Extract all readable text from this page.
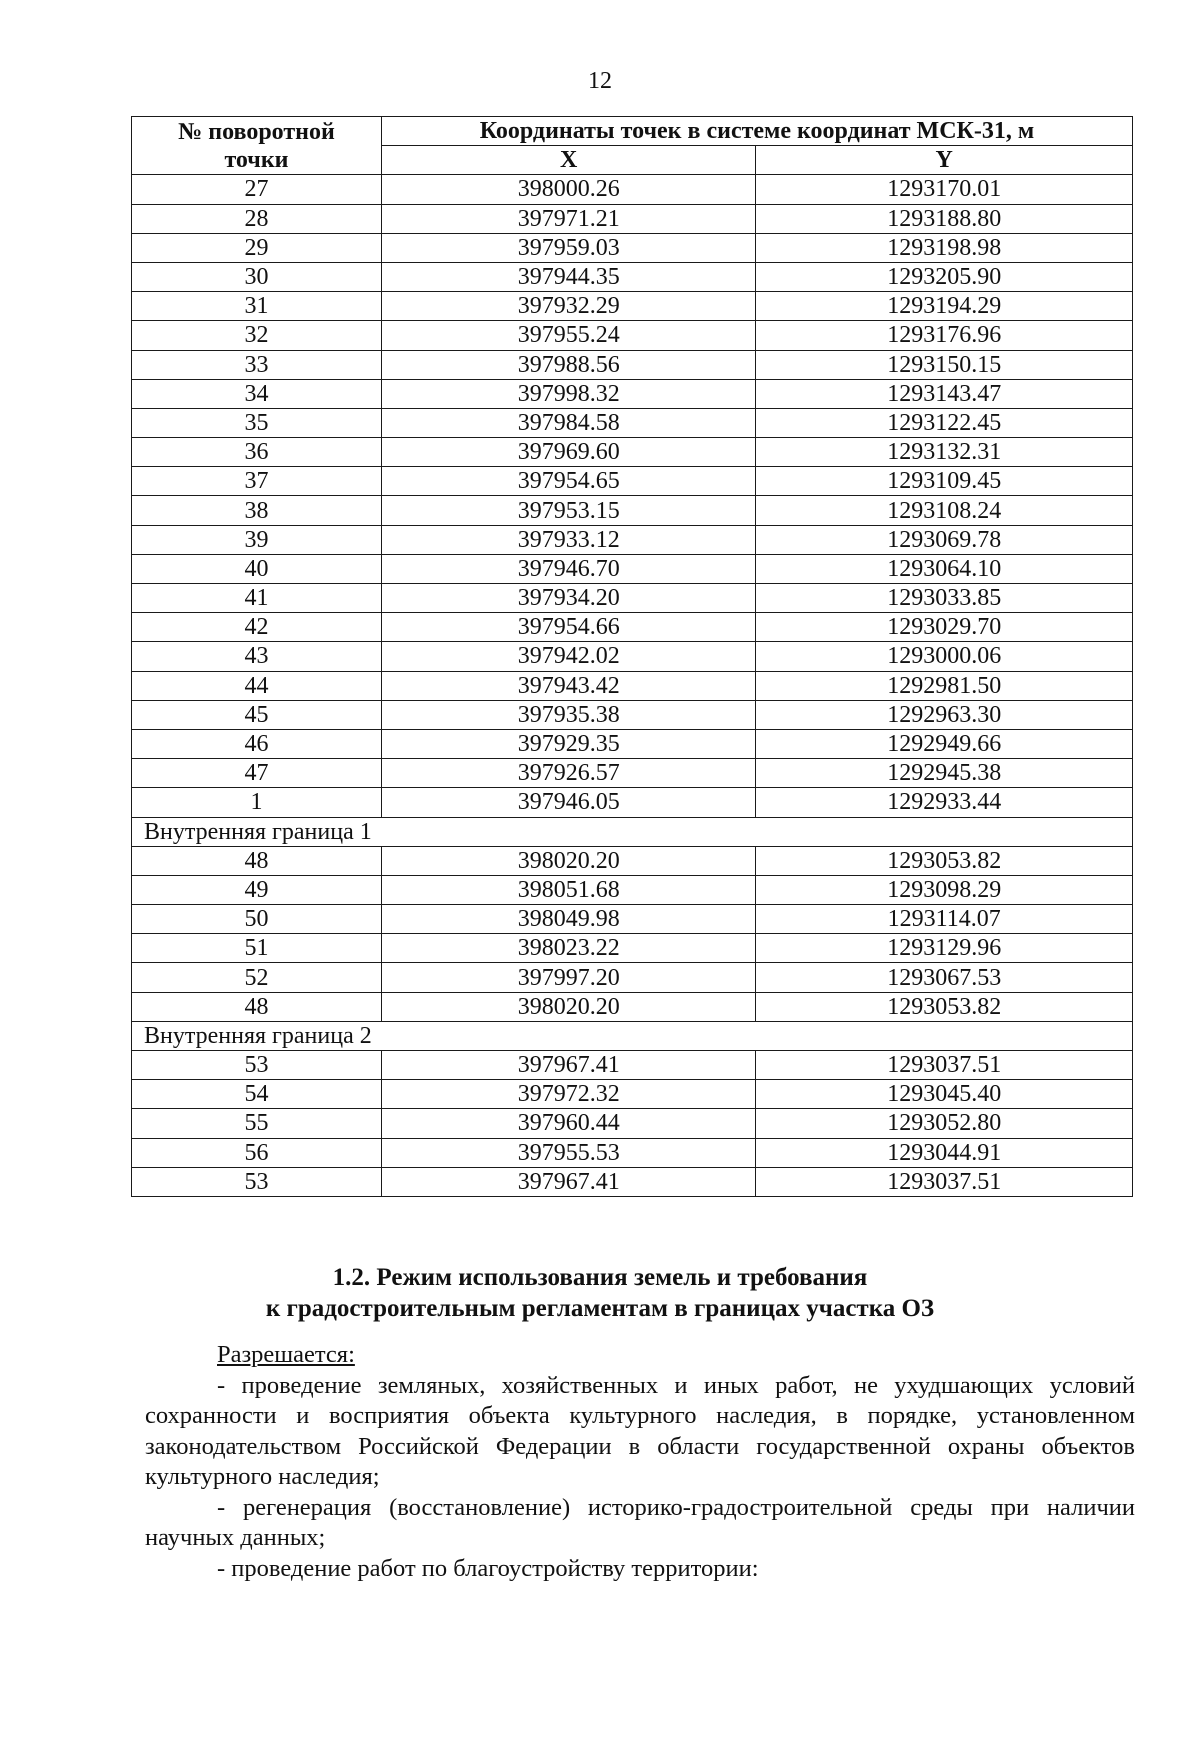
12
№ поворотной
точки	Координаты точек в системе координат МСК-31, м	
	X	Y
27	398000.26	1293170.01
28	397971.21	1293188.80
29	397959.03	1293198.98
30	397944.35	1293205.90
31	397932.29	1293194.29
32	397955.24	1293176.96
33	397988.56	1293150.15
34	397998.32	1293143.47
35	397984.58	1293122.45
36	397969.60	1293132.31
37	397954.65	1293109.45
38	397953.15	1293108.24
39	397933.12	1293069.78
40	397946.70	1293064.10
41	397934.20	1293033.85
42	397954.66	1293029.70
43	397942.02	1293000.06
44	397943.42	1292981.50
45	397935.38	1292963.30
46	397929.35	1292949.66
47	397926.57	1292945.38
1	397946.05	1292933.44
Внутренняя граница 1		
48	398020.20	1293053.82
49	398051.68	1293098.29
50	398049.98	1293114.07
51	398023.22	1293129.96
52	397997.20	1293067.53
48	398020.20	1293053.82
Внутренняя граница 2		
53	397967.41	1293037.51
54	397972.32	1293045.40
55	397960.44	1293052.80
56	397955.53	1293044.91
53	397967.41	1293037.51
1.2. Режим использования земель и требования
к градостроительным регламентам в границах участка ОЗ

Разрешается:

- проведение земляных, хозяйственных и иных работ, не ухудшающих условий сохранности и восприятия объекта культурного наследия, в порядке, установленном законодательством Российской Федерации в области государственной охраны объектов культурного наследия;

- регенерация (восстановление) историко-градостроительной среды при наличии научных данных;

- проведение работ по благоустройству территории:
